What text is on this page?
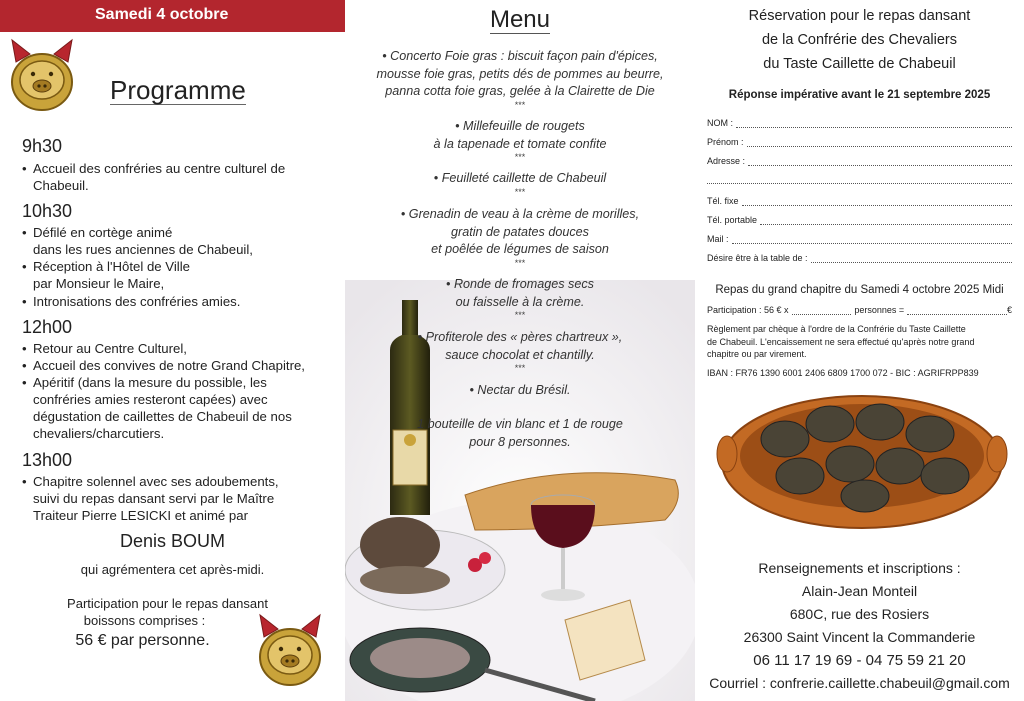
Samedi 4 octobre
Programme
9h30
• Accueil des confréries au centre culturel de
Chabeuil.
10h30
• Défilé en cortège animé
dans les rues anciennes de Chabeuil,
• Réception à l'Hôtel de Ville
par Monsieur le Maire,
• Intronisations des confréries amies.
12h00
• Retour au Centre Culturel,
• Accueil des convives de notre Grand Chapitre,
• Apéritif (dans la mesure du possible, les
confréries amies resteront capées) avec
dégustation de caillettes de Chabeuil de nos
chevaliers/charcutiers.
13h00
• Chapitre solennel avec ses adoubements,
suivi du repas dansant servi par le Maître
Traiteur Pierre LESICKI et animé par
Denis BOUM
qui agrémentera cet après-midi.
Participation pour le repas dansant
boissons comprises :
56 € par personne.
Menu
• Concerto Foie gras : biscuit façon pain d'épices,
mousse foie gras, petits dés de pommes au beurre,
panna cotta foie gras, gelée à la Clairette de Die
***
• Millefeuille de rougets
à la tapenade et tomate confite
***
• Feuilleté caillette de Chabeuil
***
• Grenadin de veau à la crème de morilles,
gratin de patates douces
et poêlée de légumes de saison
***
• Ronde de fromages secs
ou faisselle à la crème.
***
• Profiterole des « pères chartreux »,
sauce chocolat et chantilly.
***
• Nectar du Brésil.
1 bouteille de vin blanc et 1 de rouge
pour 8 personnes.
Réservation pour le repas dansant
de la Confrérie des Chevaliers
du Taste Caillette de Chabeuil
Réponse impérative avant le 21 septembre 2025
NOM :
Prénom :
Adresse :
Tél. fixe
Tél. portable
Mail :
Désire être à la table de :
Repas du grand chapitre du Samedi 4 octobre 2025 Midi
Participation : 56 € x	personnes =	€
Règlement par chèque à l'ordre de la Confrérie du Taste Caillette
de Chabeuil. L'encaissement ne sera effectué qu'après notre grand
chapitre ou par virement.
IBAN : FR76 1390 6001 2406 6809 1700 072 - BIC : AGRIFRPP839
Renseignements et inscriptions :
Alain-Jean Monteil
680C, rue des Rosiers
26300 Saint Vincent la Commanderie
06 11 17 19 69 - 04 75 59 21 20
Courriel : confrerie.caillette.chabeuil@gmail.com
